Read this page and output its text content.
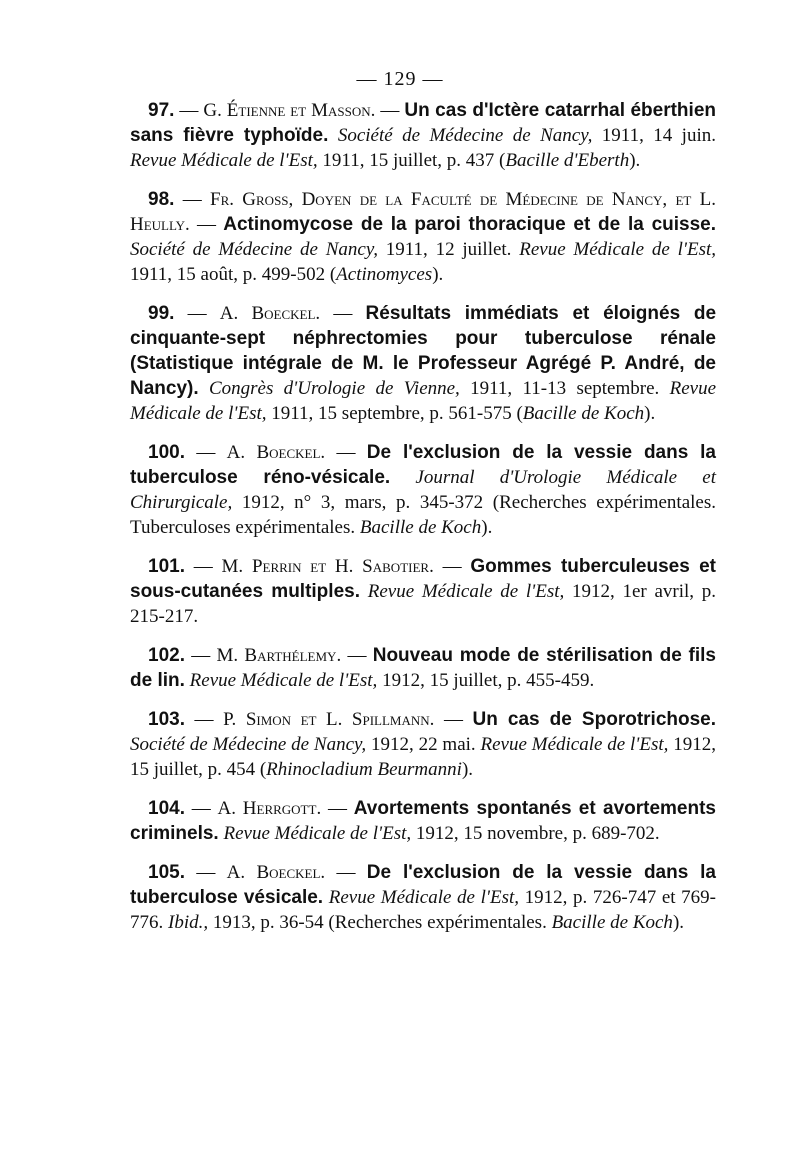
— 129 —

97. — G. Étienne et Masson. — Un cas d'Ictère catarrhal éberthien sans fièvre typhoïde. Société de Médecine de Nancy, 1911, 14 juin. Revue Médicale de l'Est, 1911, 15 juillet, p. 437 (Bacille d'Eberth).

98. — Fr. Gross, Doyen de la Faculté de Médecine de Nancy, et L. Heully. — Actinomycose de la paroi thoracique et de la cuisse. Société de Médecine de Nancy, 1911, 12 juillet. Revue Médicale de l'Est, 1911, 15 août, p. 499-502 (Actinomyces).

99. — A. Boeckel. — Résultats immédiats et éloignés de cinquante-sept néphrectomies pour tuberculose rénale (Statistique intégrale de M. le Professeur Agrégé P. André, de Nancy). Congrès d'Urologie de Vienne, 1911, 11-13 septembre. Revue Médicale de l'Est, 1911, 15 septembre, p. 561-575 (Bacille de Koch).

100. — A. Boeckel. — De l'exclusion de la vessie dans la tuberculose réno-vésicale. Journal d'Urologie Médicale et Chirurgicale, 1912, n° 3, mars, p. 345-372 (Recherches expérimentales. Tuberculoses expérimentales. Bacille de Koch).

101. — M. Perrin et H. Sabotier. — Gommes tuberculeuses et sous-cutanées multiples. Revue Médicale de l'Est, 1912, 1er avril, p. 215-217.

102. — M. Barthélemy. — Nouveau mode de stérilisation de fils de lin. Revue Médicale de l'Est, 1912, 15 juillet, p. 455-459.

103. — P. Simon et L. Spillmann. — Un cas de Sporotrichose. Société de Médecine de Nancy, 1912, 22 mai. Revue Médicale de l'Est, 1912, 15 juillet, p. 454 (Rhinocladium Beurmanni).

104. — A. Herrgott. — Avortements spontanés et avortements criminels. Revue Médicale de l'Est, 1912, 15 novembre, p. 689-702.

105. — A. Boeckel. — De l'exclusion de la vessie dans la tuberculose vésicale. Revue Médicale de l'Est, 1912, p. 726-747 et 769-776. Ibid., 1913, p. 36-54 (Recherches expérimentales. Bacille de Koch).
